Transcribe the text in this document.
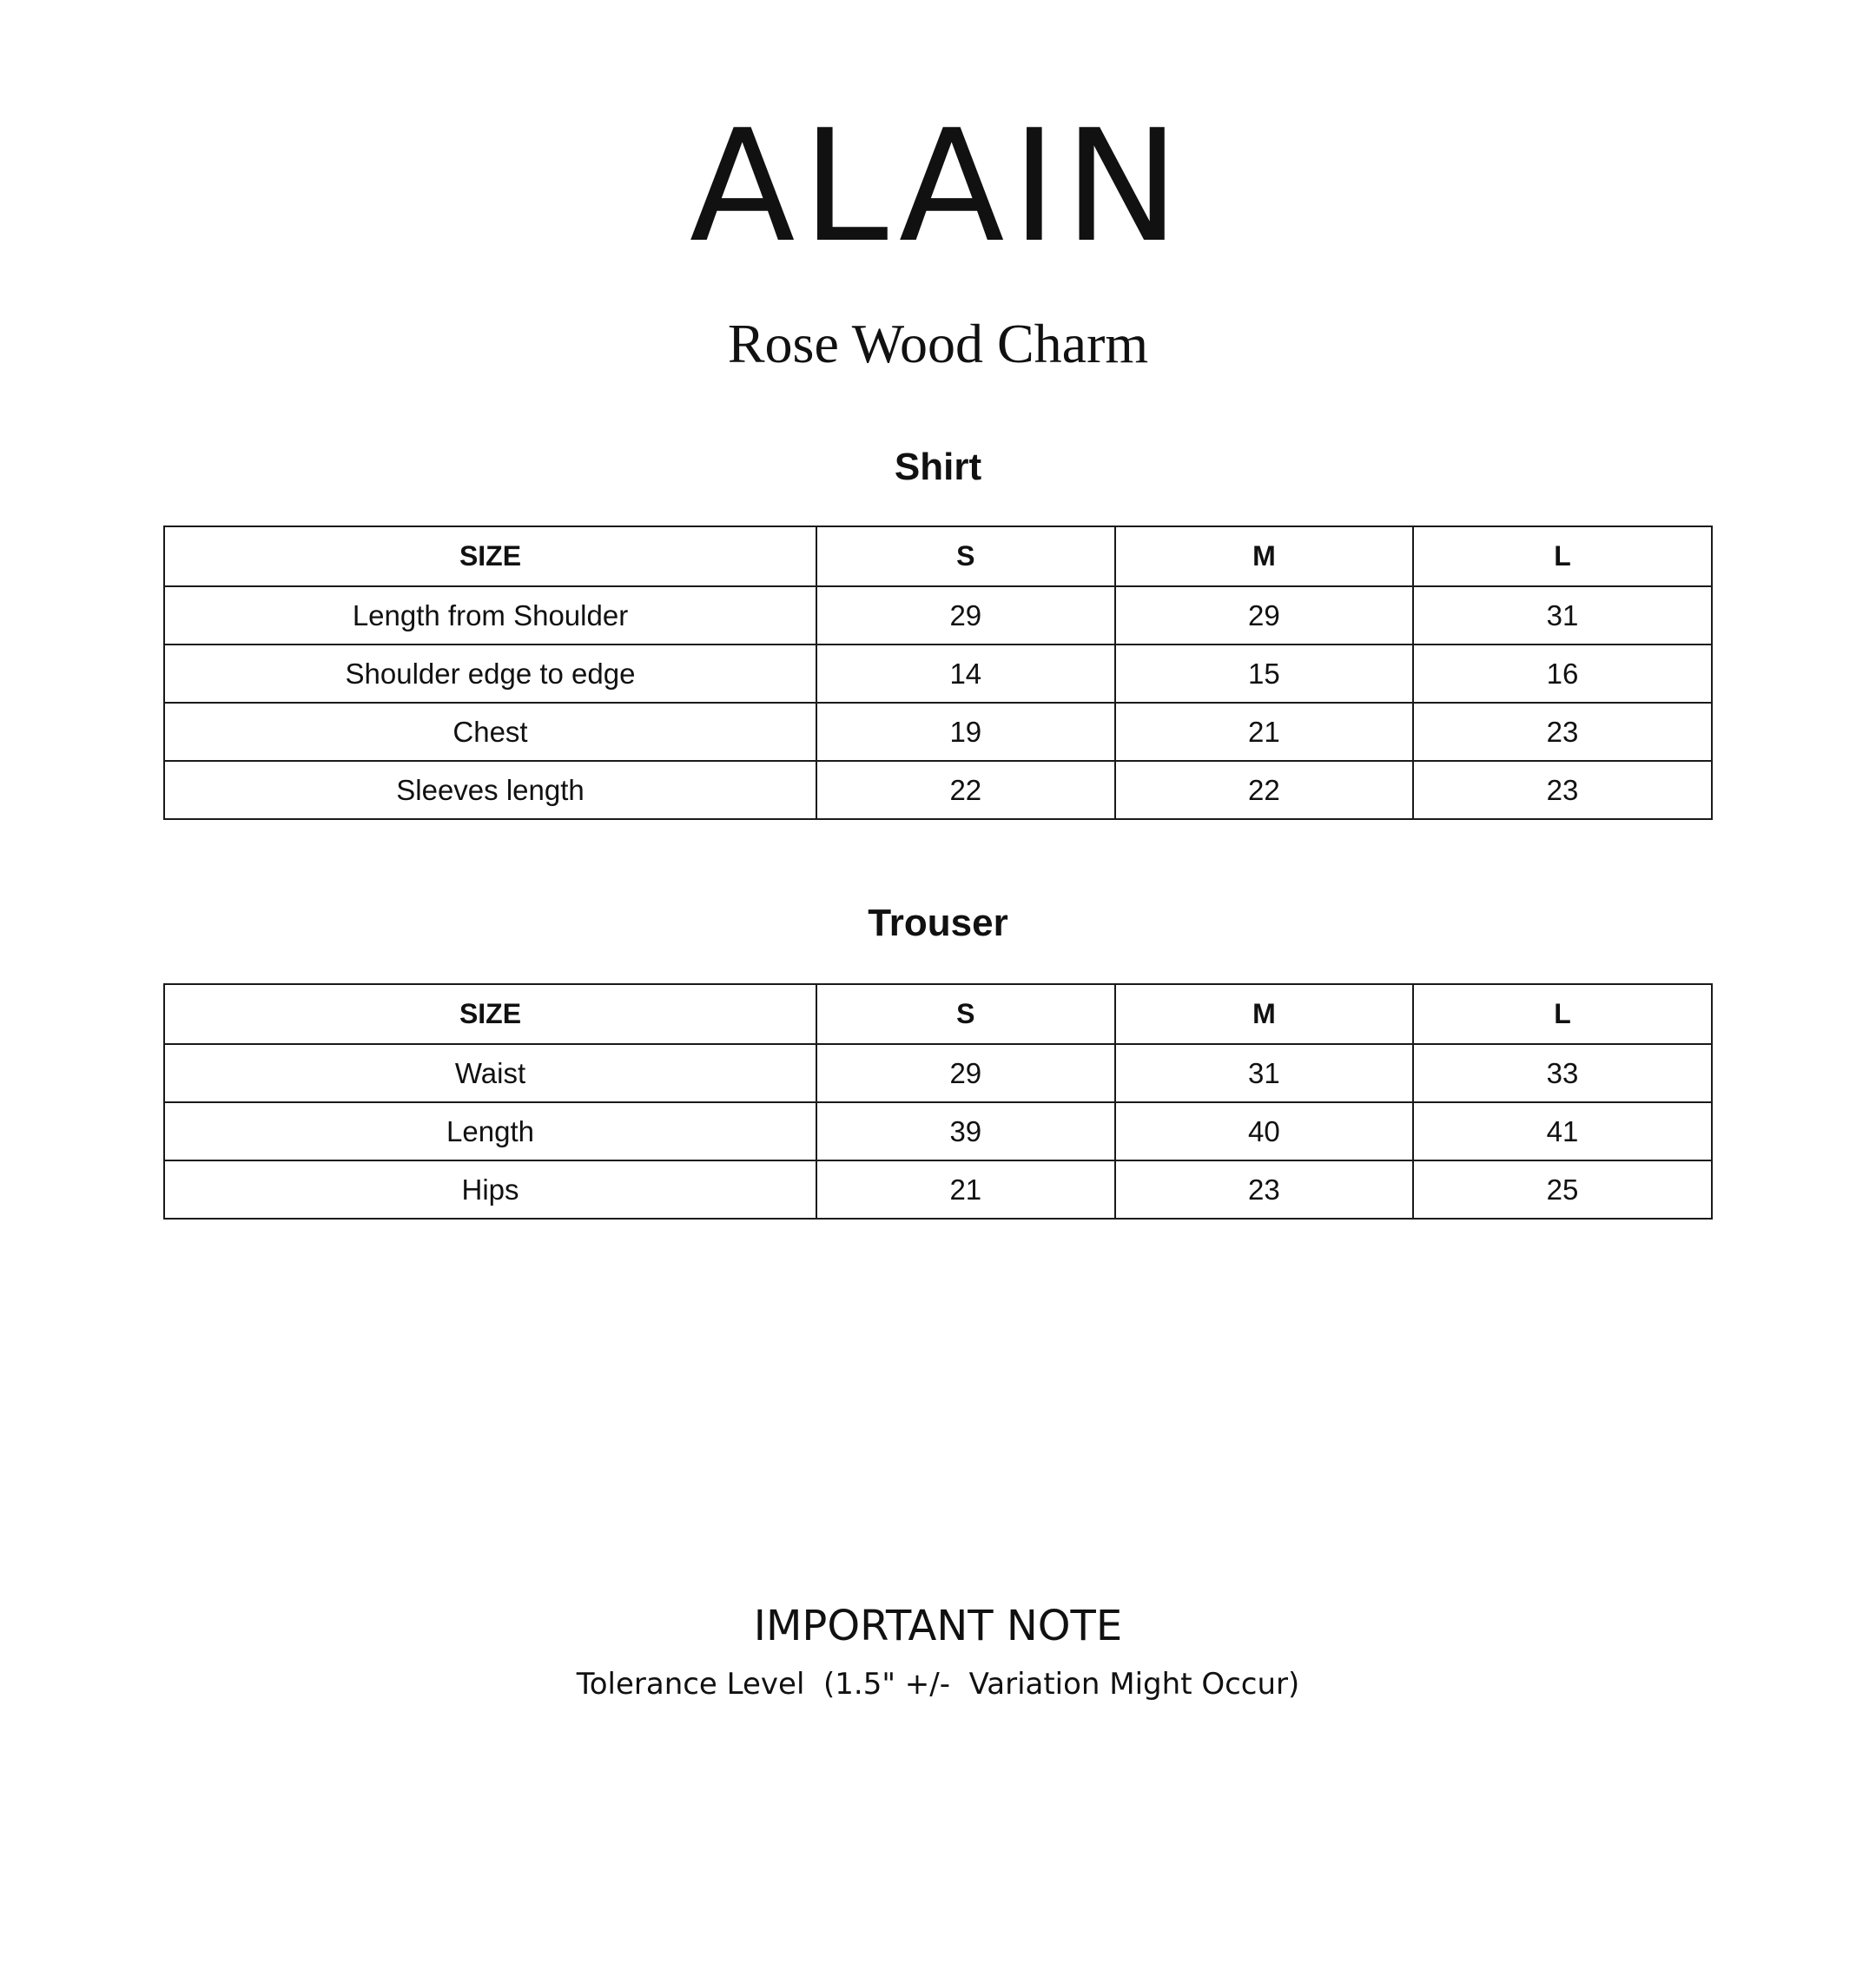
ALAIN
Rose Wood Charm
Shirt
SIZE	S	M	L
Length from Shoulder	29	29	31
Shoulder edge to edge	14	15	16
Chest	19	21	23
Sleeves length	22	22	23
Trouser
SIZE	S	M	L
Waist	29	31	33
Length	39	40	41
Hips	21	23	25
IMPORTANT NOTE
Tolerance Level  (1.5" +/-  Variation Might Occur)
